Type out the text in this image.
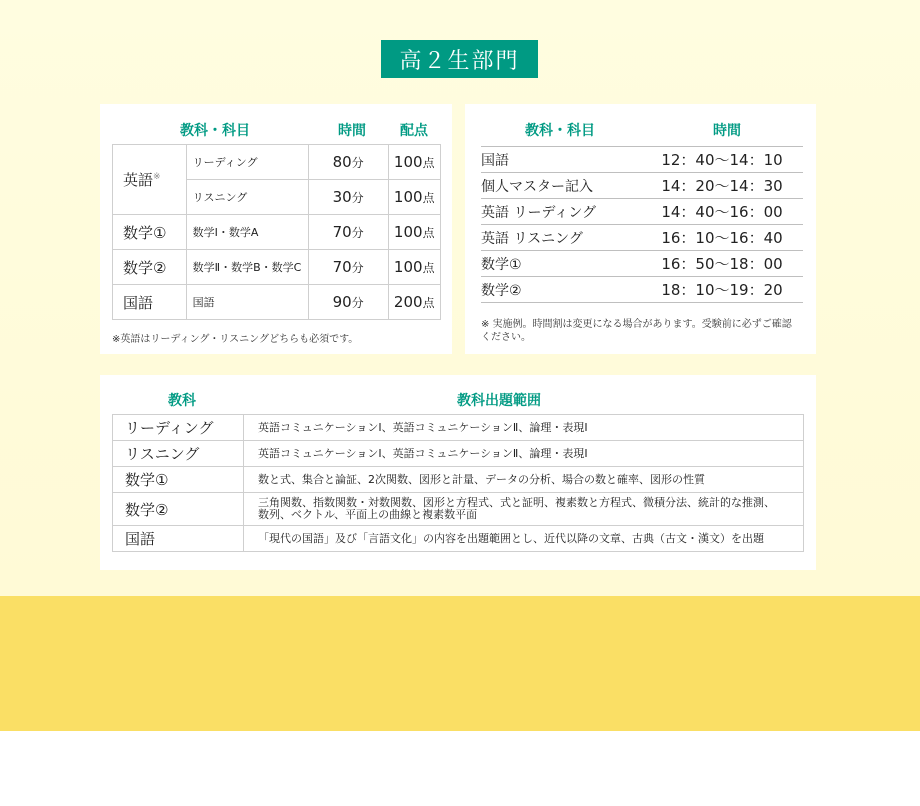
高２生部門
教科・科目	時間	配点
英語※	リーディング	80分	100点
	リスニング	30分	100点
数学①	数学Ⅰ・数学A	70分	100点
数学②	数学Ⅱ・数学B・数学C	70分	100点
国語	国語	90分	200点
※英語はリーディング・リスニングどちらも必須です。
教科・科目	時間
国語	12：40〜14：10
個人マスター記入	14：20〜14：30
英語 リーディング	14：40〜16：00
英語 リスニング	16：10〜16：40
数学①	16：50〜18：00
数学②	18：10〜19：20
※ 実施例。時間割は変更になる場合があります。受験前に必ずご確認
ください。
教科	教科出題範囲
リーディング	英語コミュニケーションⅠ、英語コミュニケーションⅡ、論理・表現Ⅰ

リスニング	英語コミュニケーションⅠ、英語コミュニケーションⅡ、論理・表現Ⅰ

数学①	数と式、集合と論証、2次関数、図形と計量、データの分析、場合の数と確率、図形の性質

数学②	三角関数、指数関数・対数関数、図形と方程式、式と証明、複素数と方程式、微積分法、統計的な推測、
数列、ベクトル、平面上の曲線と複素数平面

国語	「現代の国語」及び「言語文化」の内容を出題範囲とし、近代以降の文章、古典（古文・漢文）を出題
